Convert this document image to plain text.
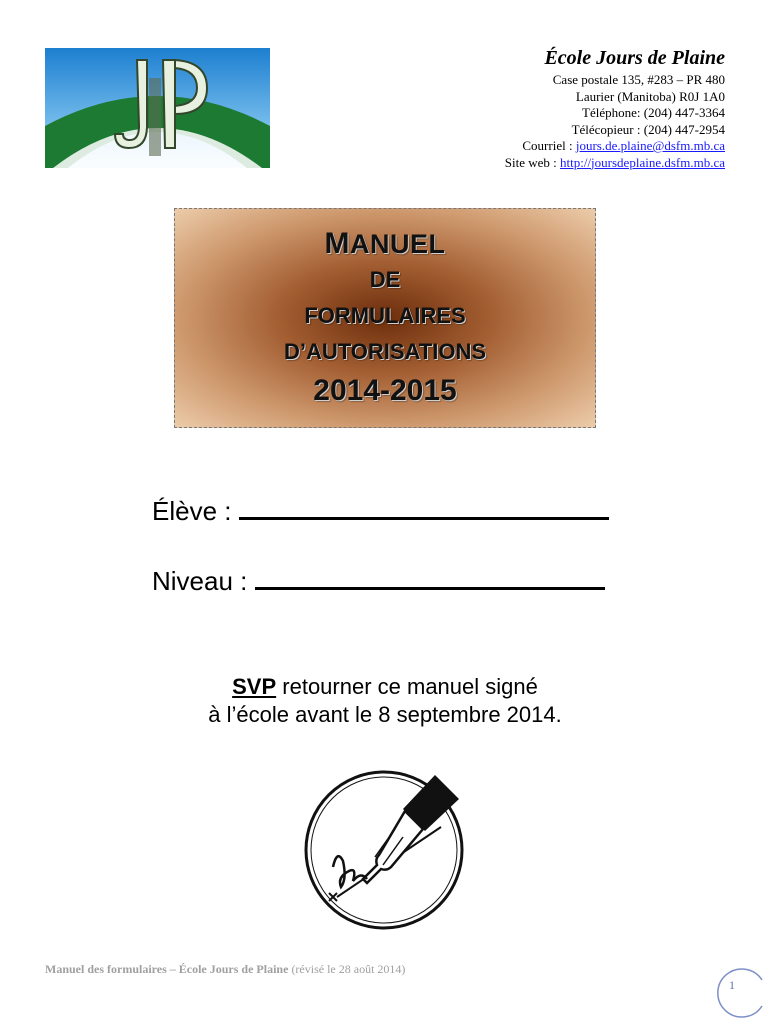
École Jours de Plaine
Case postale 135, #283 – PR 480
Laurier (Manitoba) R0J 1A0
Téléphone: (204) 447-3364
Télécopieur : (204) 447-2954
Courriel : jours.de.plaine@dsfm.mb.ca
Site web : http://joursdeplaine.dsfm.mb.ca
MANUEL
DE
FORMULAIRES
D’AUTORISATIONS
2014-2015
Élève :
Niveau :
SVP retourner ce manuel signé
à l’école avant le 8 septembre 2014.
Manuel des formulaires – École Jours de Plaine (révisé le 28 août 2014)
1
